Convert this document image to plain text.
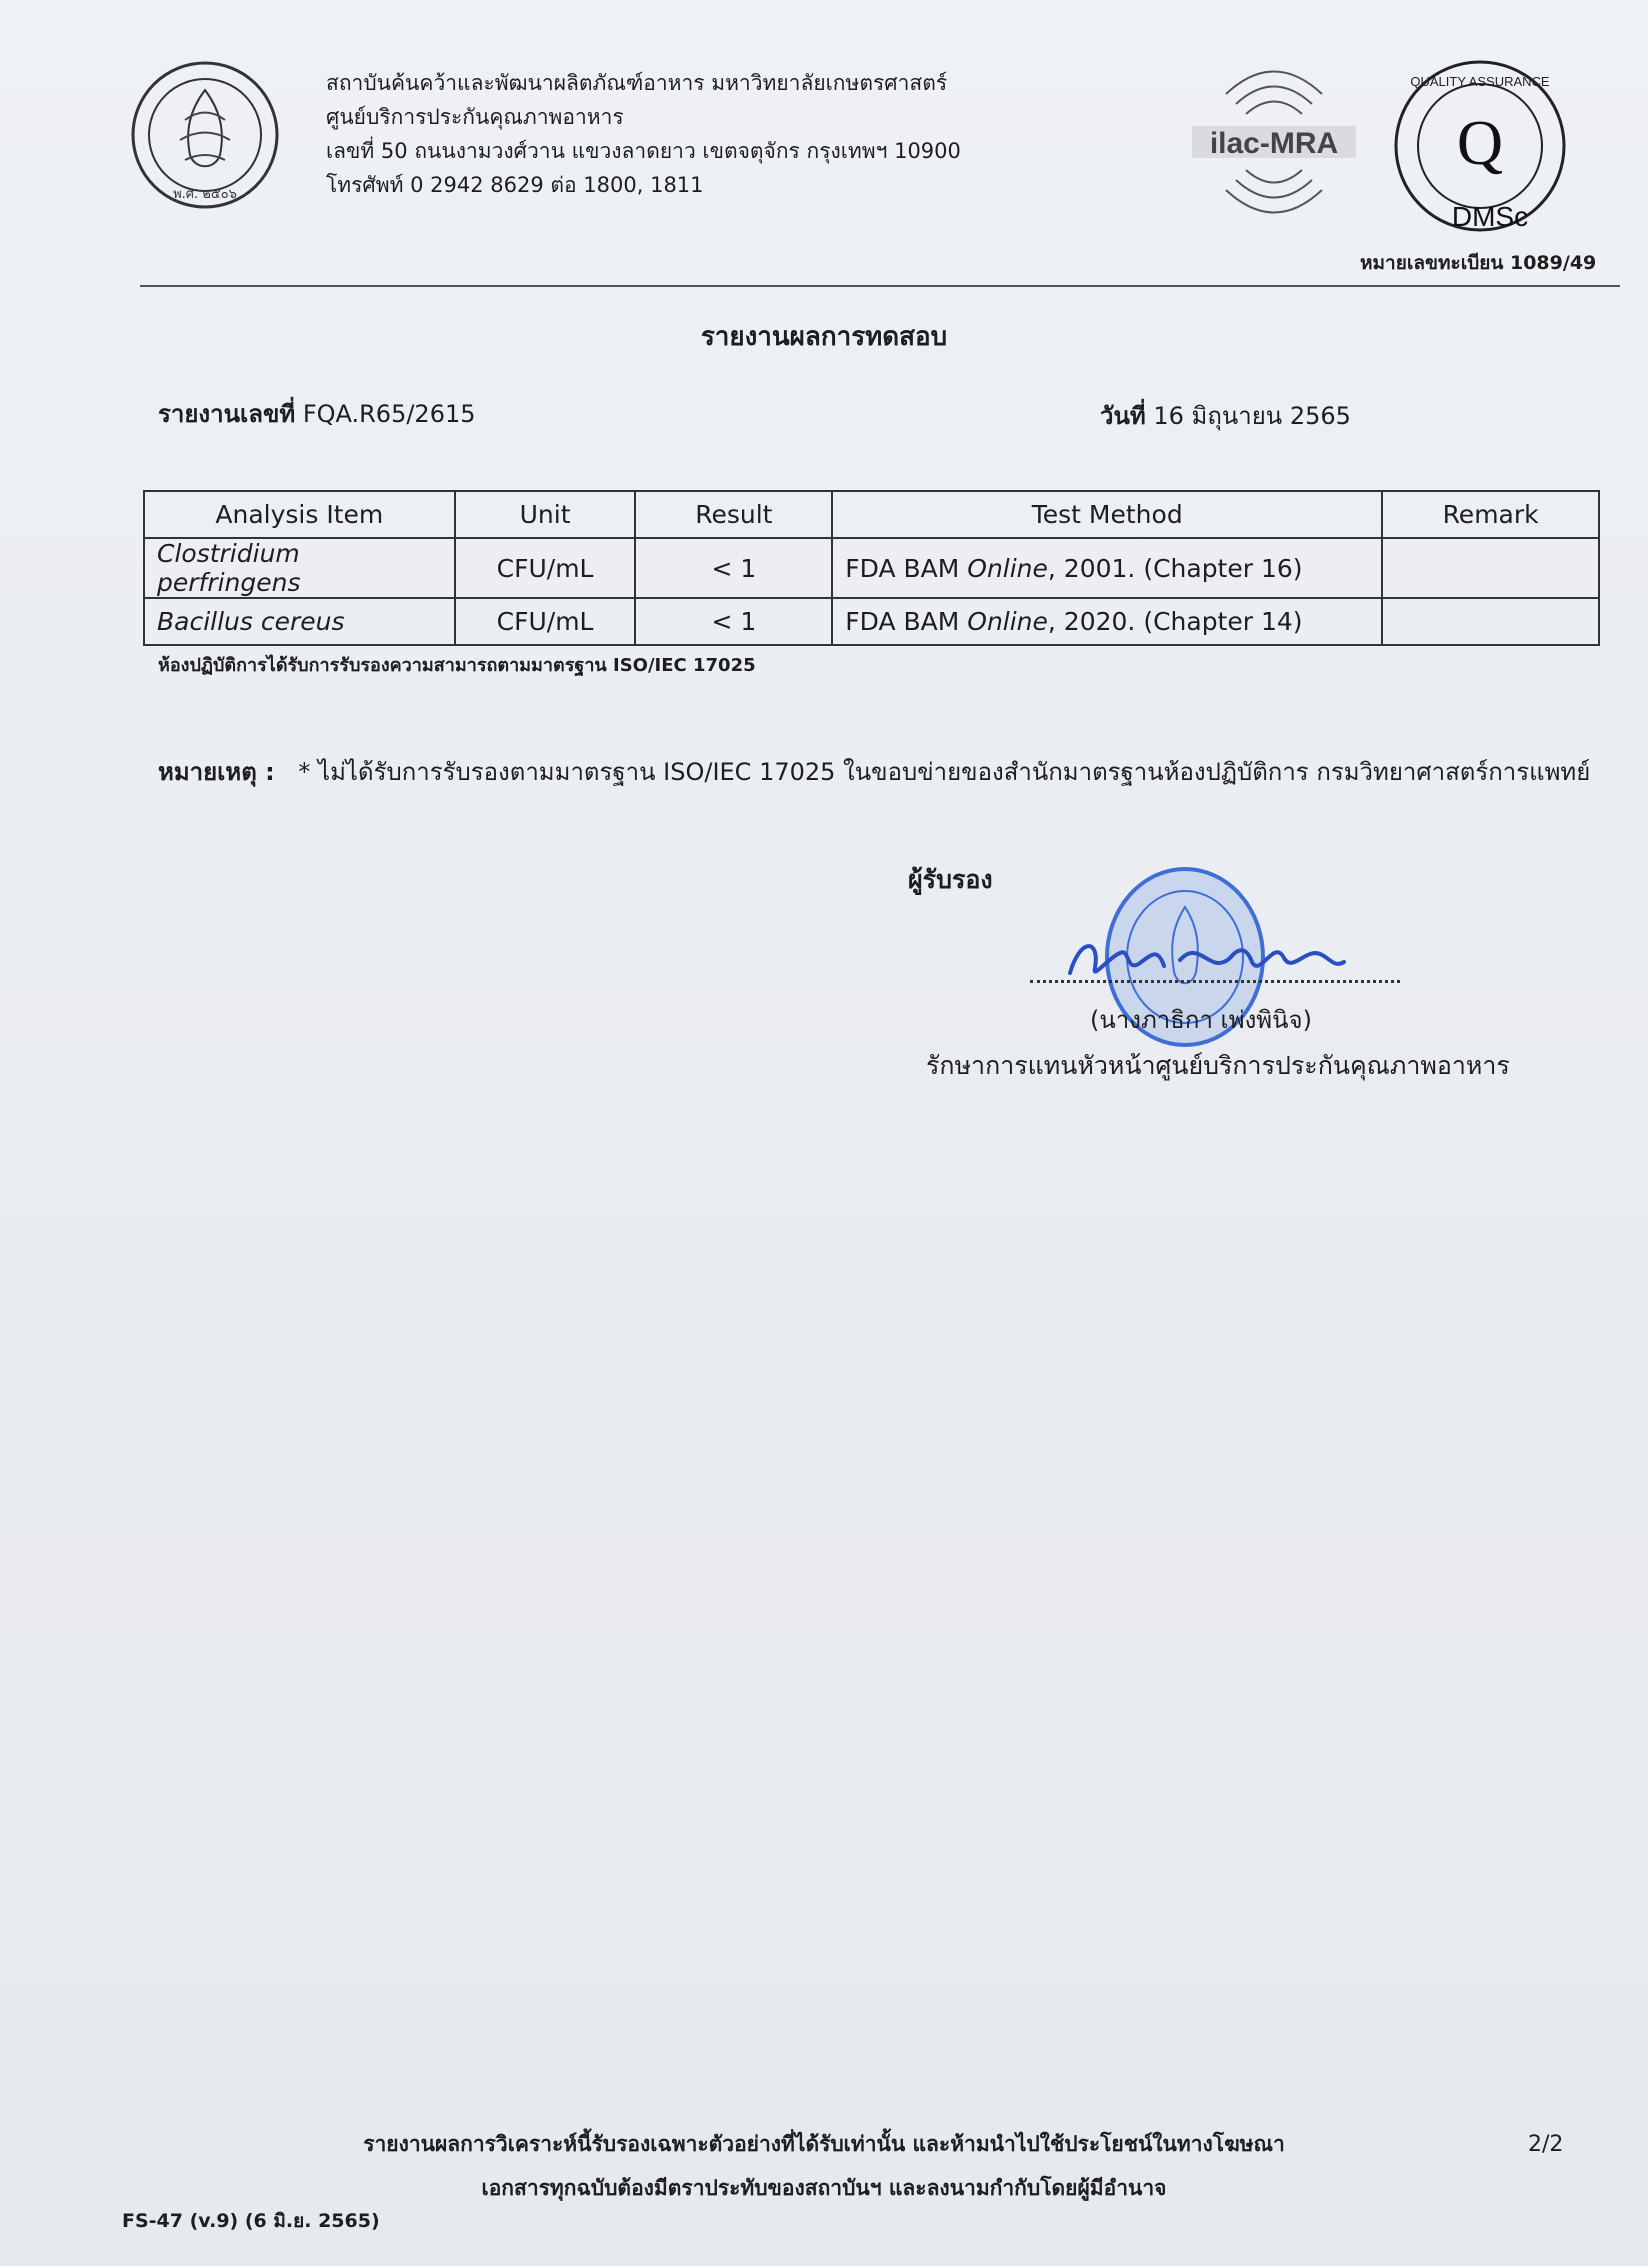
พ.ศ. ๒๕๐๖
สถาบันค้นคว้าและพัฒนาผลิตภัณฑ์อาหาร มหาวิทยาลัยเกษตรศาสตร์
ศูนย์บริการประกันคุณภาพอาหาร
เลขที่ 50 ถนนงามวงศ์วาน แขวงลาดยาว เขตจตุจักร กรุงเทพฯ 10900
โทรศัพท์ 0 2942 8629 ต่อ 1800, 1811
ilac-MRA Q
DMSc
QUALITY ASSURANCE
หมายเลขทะเบียน 1089/49
รายงานผลการทดสอบ
รายงานเลขที่ FQA.R65/2615	วันที่ 16 มิถุนายน 2565
Analysis Item	Unit	Result	Test Method	Remark
Clostridium perfringens	CFU/mL	< 1	FDA BAM Online, 2001. (Chapter 16)	
Bacillus cereus	CFU/mL	< 1	FDA BAM Online, 2020. (Chapter 14)	
ห้องปฏิบัติการได้รับการรับรองความสามารถตามมาตรฐาน ISO/IEC 17025
หมายเหตุ : * ไม่ได้รับการรับรองตามมาตรฐาน ISO/IEC 17025 ในขอบข่ายของสำนักมาตรฐานห้องปฏิบัติการ กรมวิทยาศาสตร์การแพทย์
ผู้รับรอง
(นางภาธิกา เพ่งพินิจ)
รักษาการแทนหัวหน้าศูนย์บริการประกันคุณภาพอาหาร
รายงานผลการวิเคราะห์นี้รับรองเฉพาะตัวอย่างที่ได้รับเท่านั้น และห้ามนำไปใช้ประโยชน์ในทางโฆษณา
เอกสารทุกฉบับต้องมีตราประทับของสถาบันฯ และลงนามกำกับโดยผู้มีอำนาจ
2/2
FS-47 (v.9) (6 มิ.ย. 2565)
